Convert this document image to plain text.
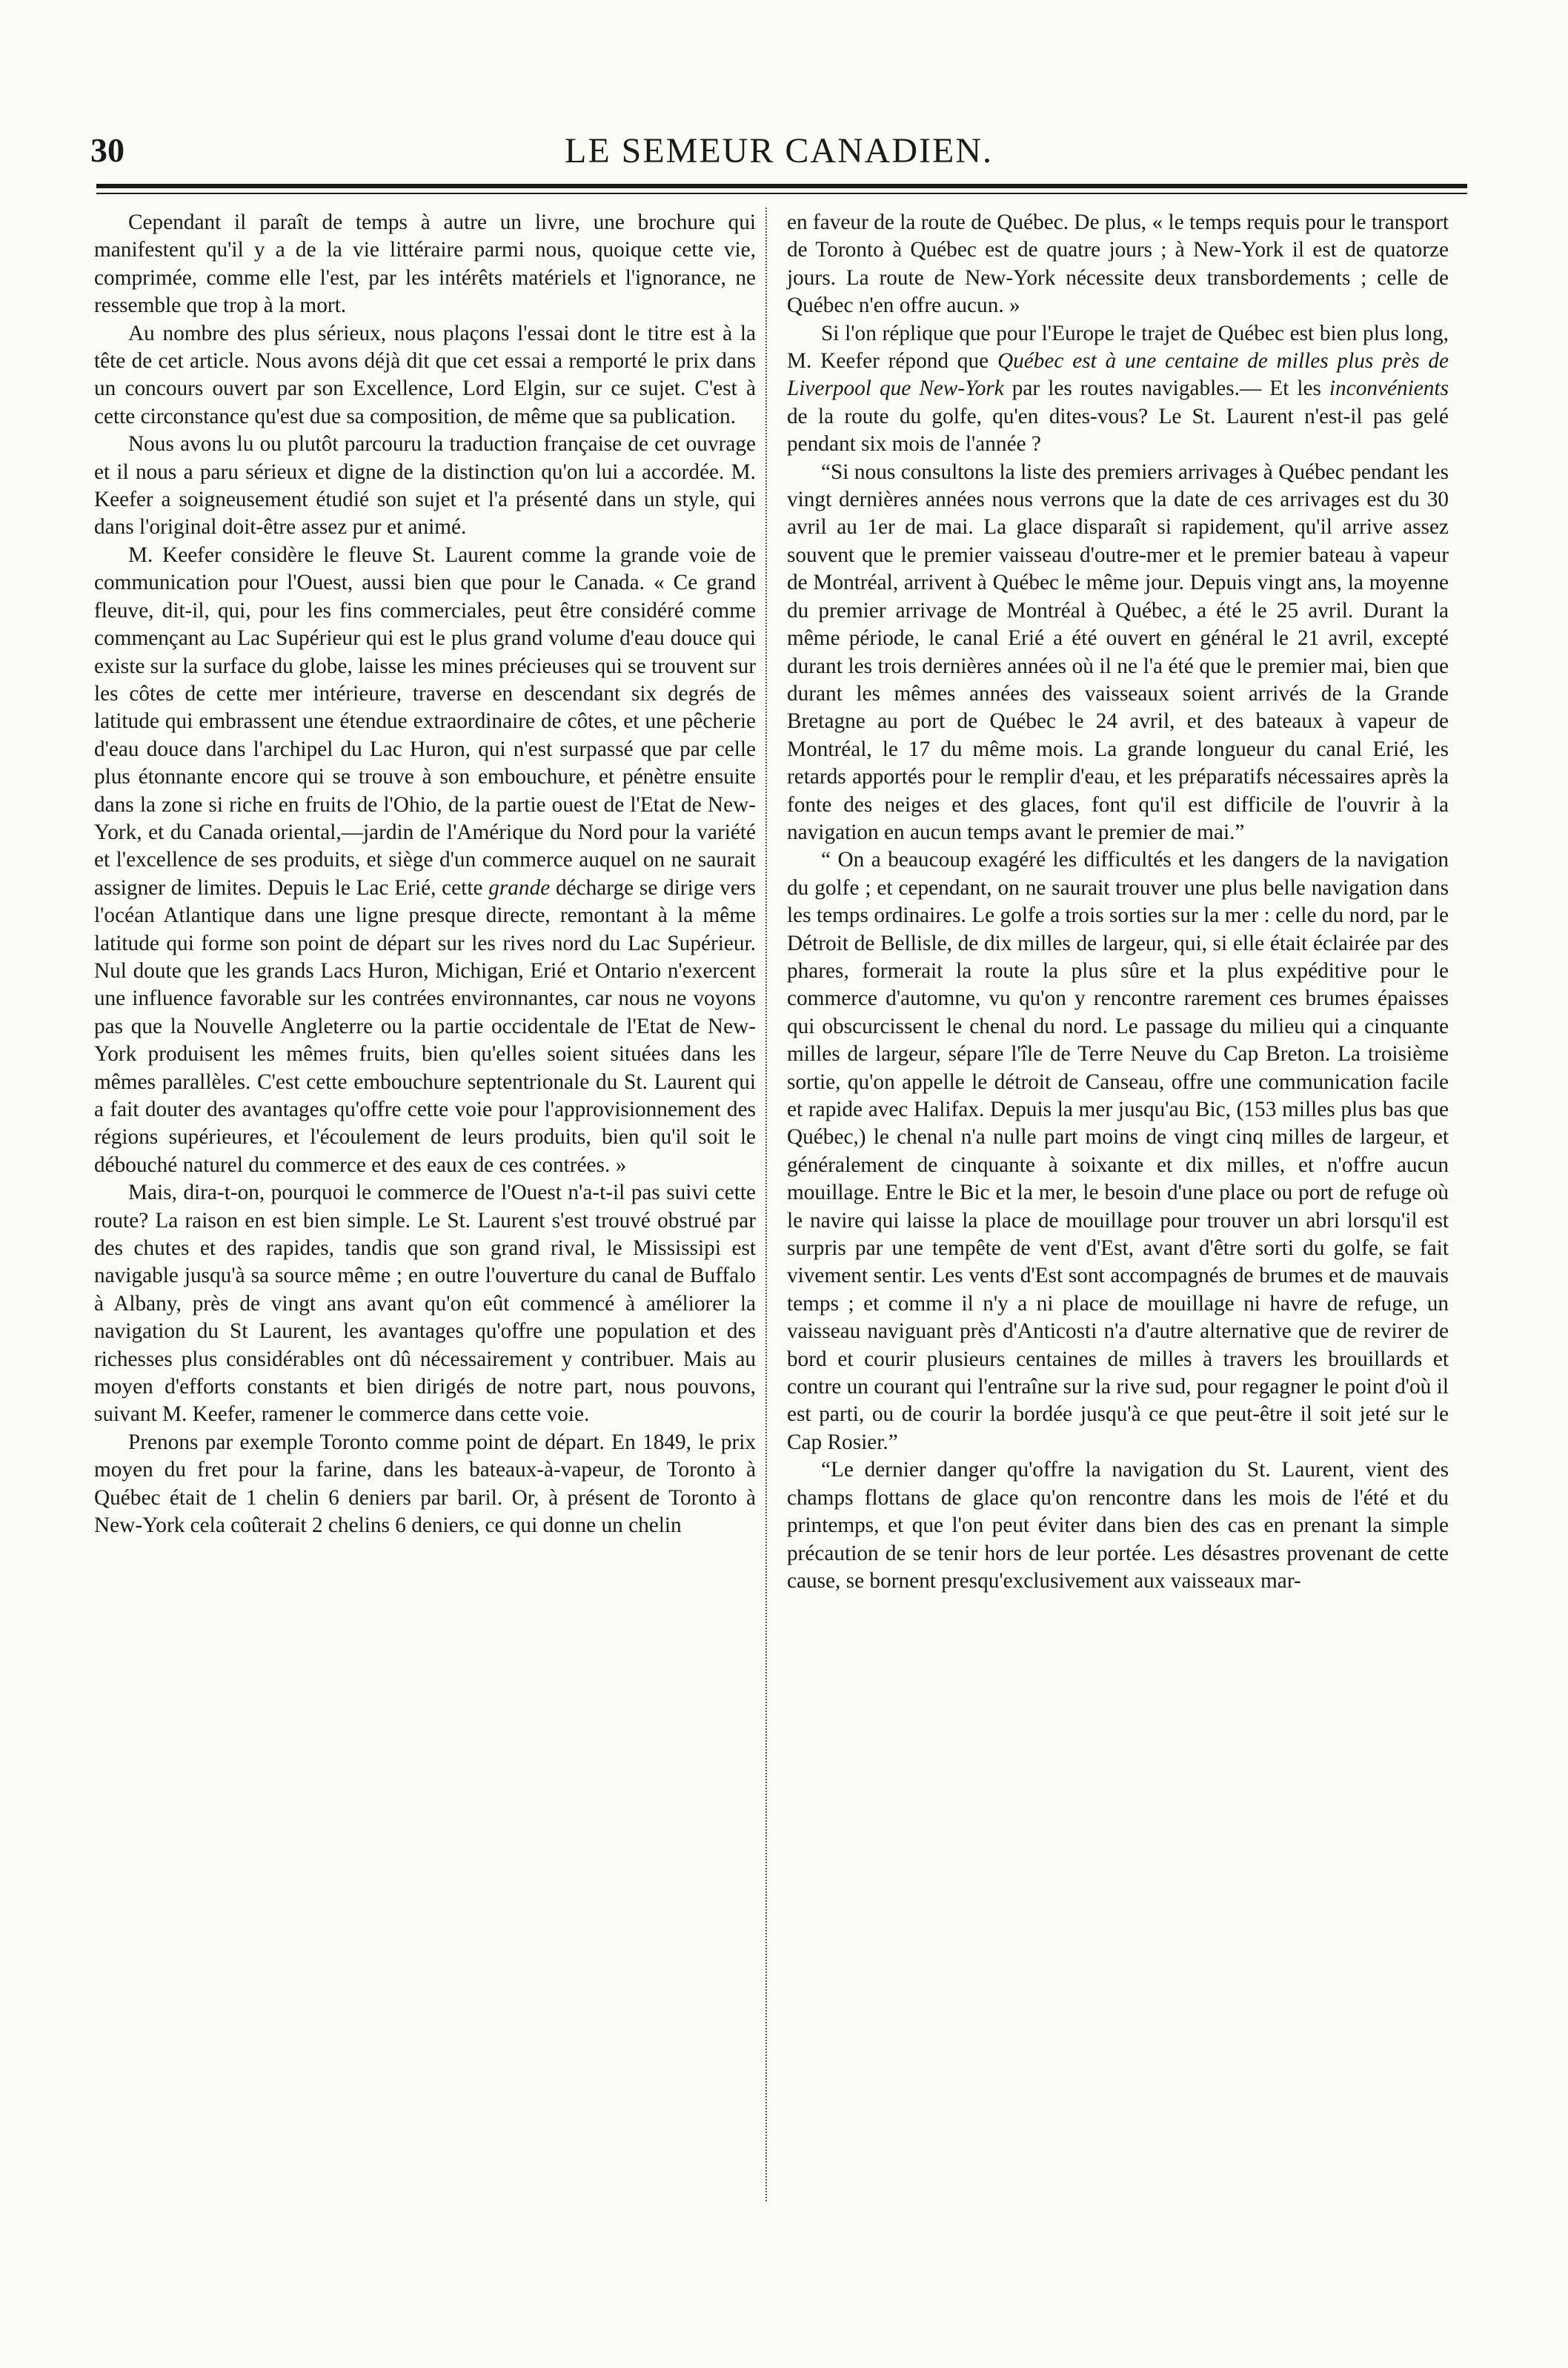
30	LE SEMEUR CANADIEN.

Cependant il paraît de temps à autre un livre, une brochure qui manifestent qu'il y a de la vie littéraire parmi nous, quoique cette vie, comprimée, comme elle l'est, par les intérêts matériels et l'ignorance, ne ressemble que trop à la mort.

Au nombre des plus sérieux, nous plaçons l'essai dont le titre est à la tête de cet article. Nous avons déjà dit que cet essai a remporté le prix dans un concours ouvert par son Excellence, Lord Elgin, sur ce sujet. C'est à cette circonstance qu'est due sa composition, de même que sa publication.

Nous avons lu ou plutôt parcouru la traduction française de cet ouvrage et il nous a paru sérieux et digne de la distinction qu'on lui a accordée. M. Keefer a soigneusement étudié son sujet et l'a présenté dans un style, qui dans l'original doit-être assez pur et animé.

M. Keefer considère le fleuve St. Laurent comme la grande voie de communication pour l'Ouest, aussi bien que pour le Canada. « Ce grand fleuve, dit-il, qui, pour les fins commerciales, peut être considéré comme commençant au Lac Supérieur qui est le plus grand volume d'eau douce qui existe sur la surface du globe, laisse les mines précieuses qui se trouvent sur les côtes de cette mer intérieure, traverse en descendant six degrés de latitude qui embrassent une étendue extraordinaire de côtes, et une pêcherie d'eau douce dans l'archipel du Lac Huron, qui n'est surpassé que par celle plus étonnante encore qui se trouve à son embouchure, et pénètre ensuite dans la zone si riche en fruits de l'Ohio, de la partie ouest de l'Etat de New-York, et du Canada oriental,—jardin de l'Amérique du Nord pour la variété et l'excellence de ses produits, et siège d'un commerce auquel on ne saurait assigner de limites. Depuis le Lac Erié, cette grande décharge se dirige vers l'océan Atlantique dans une ligne presque directe, remontant à la même latitude qui forme son point de départ sur les rives nord du Lac Supérieur. Nul doute que les grands Lacs Huron, Michigan, Erié et Ontario n'exercent une influence favorable sur les contrées environnantes, car nous ne voyons pas que la Nouvelle Angleterre ou la partie occidentale de l'Etat de New-York produisent les mêmes fruits, bien qu'elles soient situées dans les mêmes parallèles. C'est cette embouchure septentrionale du St. Laurent qui a fait douter des avantages qu'offre cette voie pour l'approvisionnement des régions supérieures, et l'écoulement de leurs produits, bien qu'il soit le débouché naturel du commerce et des eaux de ces contrées. »

Mais, dira-t-on, pourquoi le commerce de l'Ouest n'a-t-il pas suivi cette route? La raison en est bien simple. Le St. Laurent s'est trouvé obstrué par des chutes et des rapides, tandis que son grand rival, le Mississipi est navigable jusqu'à sa source même ; en outre l'ouverture du canal de Buffalo à Albany, près de vingt ans avant qu'on eût commencé à améliorer la navigation du St Laurent, les avantages qu'offre une population et des richesses plus considérables ont dû nécessairement y contribuer. Mais au moyen d'efforts constants et bien dirigés de notre part, nous pouvons, suivant M. Keefer, ramener le commerce dans cette voie.

Prenons par exemple Toronto comme point de départ. En 1849, le prix moyen du fret pour la farine, dans les bateaux-à-vapeur, de Toronto à Québec était de 1 chelin 6 deniers par baril. Or, à présent de Toronto à New-York cela coûterait 2 chelins 6 deniers, ce qui donne un chelin

en faveur de la route de Québec. De plus, « le temps requis pour le transport de Toronto à Québec est de quatre jours ; à New-York il est de quatorze jours. La route de New-York nécessite deux transbordements ; celle de Québec n'en offre aucun. »

Si l'on réplique que pour l'Europe le trajet de Québec est bien plus long, M. Keefer répond que Québec est à une centaine de milles plus près de Liverpool que New-York par les routes navigables.— Et les inconvénients de la route du golfe, qu'en dites-vous? Le St. Laurent n'est-il pas gelé pendant six mois de l'année ?

“Si nous consultons la liste des premiers arrivages à Québec pendant les vingt dernières années nous verrons que la date de ces arrivages est du 30 avril au 1er de mai. La glace disparaît si rapidement, qu'il arrive assez souvent que le premier vaisseau d'outre-mer et le premier bateau à vapeur de Montréal, arrivent à Québec le même jour. Depuis vingt ans, la moyenne du premier arrivage de Montréal à Québec, a été le 25 avril. Durant la même période, le canal Erié a été ouvert en général le 21 avril, excepté durant les trois dernières années où il ne l'a été que le premier mai, bien que durant les mêmes années des vaisseaux soient arrivés de la Grande Bretagne au port de Québec le 24 avril, et des bateaux à vapeur de Montréal, le 17 du même mois. La grande longueur du canal Erié, les retards apportés pour le remplir d'eau, et les préparatifs nécessaires après la fonte des neiges et des glaces, font qu'il est difficile de l'ouvrir à la navigation en aucun temps avant le premier de mai.”

“ On a beaucoup exagéré les difficultés et les dangers de la navigation du golfe ; et cependant, on ne saurait trouver une plus belle navigation dans les temps ordinaires. Le golfe a trois sorties sur la mer : celle du nord, par le Détroit de Bellisle, de dix milles de largeur, qui, si elle était éclairée par des phares, formerait la route la plus sûre et la plus expéditive pour le commerce d'automne, vu qu'on y rencontre rarement ces brumes épaisses qui obscurcissent le chenal du nord. Le passage du milieu qui a cinquante milles de largeur, sépare l'île de Terre Neuve du Cap Breton. La troisième sortie, qu'on appelle le détroit de Canseau, offre une communication facile et rapide avec Halifax. Depuis la mer jusqu'au Bic, (153 milles plus bas que Québec,) le chenal n'a nulle part moins de vingt cinq milles de largeur, et généralement de cinquante à soixante et dix milles, et n'offre aucun mouillage. Entre le Bic et la mer, le besoin d'une place ou port de refuge où le navire qui laisse la place de mouillage pour trouver un abri lorsqu'il est surpris par une tempête de vent d'Est, avant d'être sorti du golfe, se fait vivement sentir. Les vents d'Est sont accompagnés de brumes et de mauvais temps ; et comme il n'y a ni place de mouillage ni havre de refuge, un vaisseau naviguant près d'Anticosti n'a d'autre alternative que de revirer de bord et courir plusieurs centaines de milles à travers les brouillards et contre un courant qui l'entraîne sur la rive sud, pour regagner le point d'où il est parti, ou de courir la bordée jusqu'à ce que peut-être il soit jeté sur le Cap Rosier.”

“Le dernier danger qu'offre la navigation du St. Laurent, vient des champs flottans de glace qu'on rencontre dans les mois de l'été et du printemps, et que l'on peut éviter dans bien des cas en prenant la simple précaution de se tenir hors de leur portée. Les désastres provenant de cette cause, se bornent presqu'exclusivement aux vaisseaux mar-
